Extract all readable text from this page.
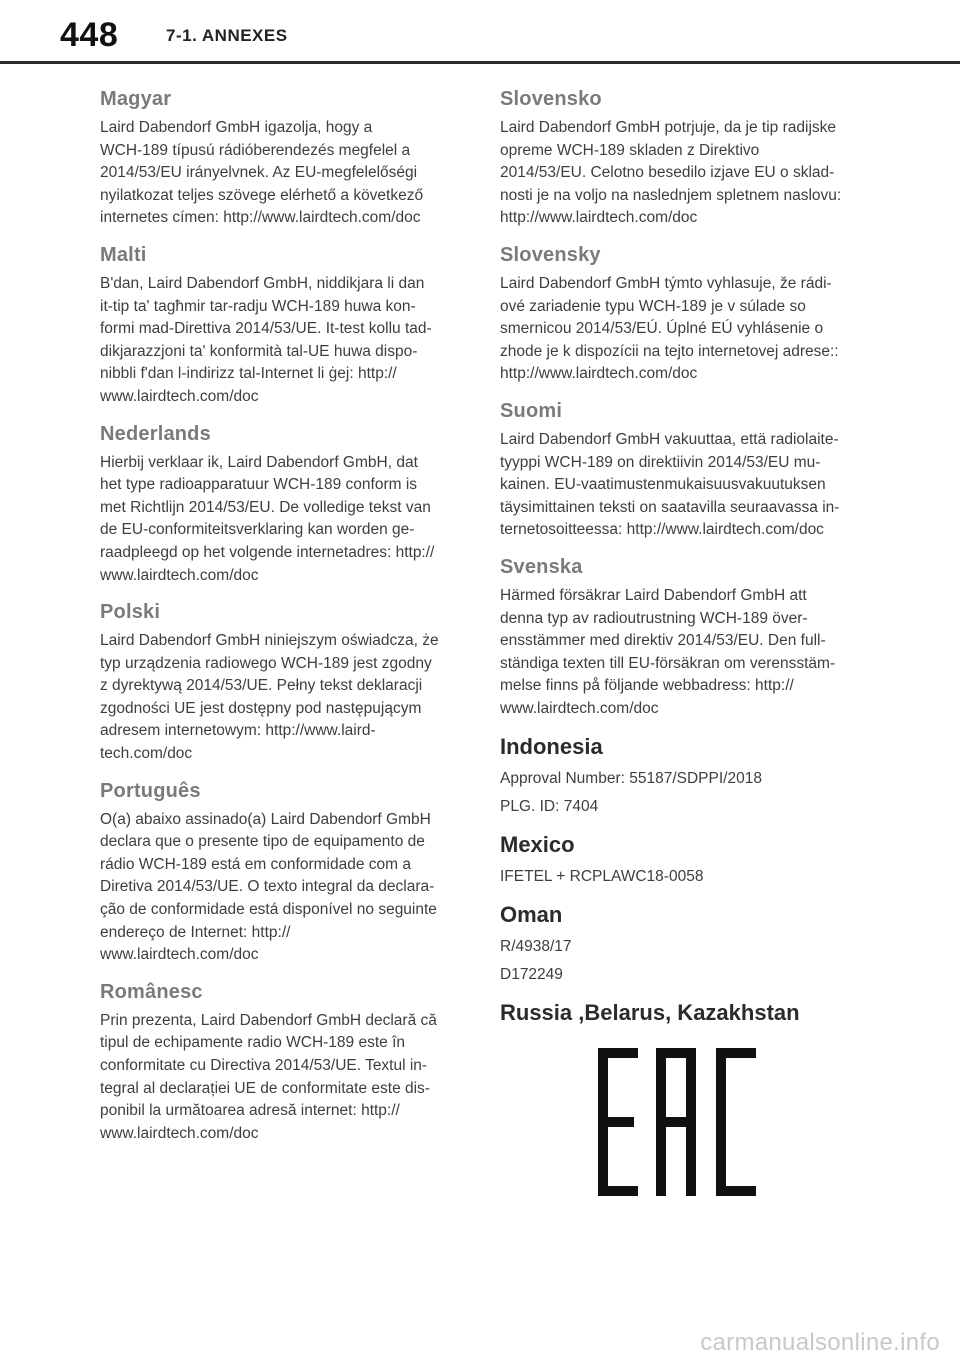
448	7-1. ANNEXES
Magyar

Laird Dabendorf GmbH igazolja, hogy a
WCH-189 típusú rádióberendezés megfelel a
2014/53/EU irányelvnek. Az EU-megfelelőségi
nyilatkozat teljes szövege elérhető a következő
internetes címen: http://www.lairdtech.com/doc

Malti

B'dan, Laird Dabendorf GmbH, niddikjara li dan
it-tip ta' tagħmir tar-radju WCH-189 huwa kon-
formi mad-Direttiva 2014/53/UE. It-test kollu tad-
dikjarazzjoni ta' konformità tal-UE huwa dispo-
nibbli f'dan l-indirizz tal-Internet li ġej: http://
www.lairdtech.com/doc

Nederlands

Hierbij verklaar ik, Laird Dabendorf GmbH, dat
het type radioapparatuur WCH-189 conform is
met Richtlijn 2014/53/EU. De volledige tekst van
de EU-conformiteitsverklaring kan worden ge-
raadpleegd op het volgende internetadres: http://
www.lairdtech.com/doc

Polski

Laird Dabendorf GmbH niniejszym oświadcza, że
typ urządzenia radiowego WCH-189 jest zgodny
z dyrektywą 2014/53/UE. Pełny tekst deklaracji
zgodności UE jest dostępny pod następującym
adresem internetowym: http://www.laird-
tech.com/doc

Português

O(a) abaixo assinado(a) Laird Dabendorf GmbH
declara que o presente tipo de equipamento de
rádio WCH-189 está em conformidade com a
Diretiva 2014/53/UE. O texto integral da declara-
ção de conformidade está disponível no seguinte
endereço de Internet: http://
www.lairdtech.com/doc

Românesc

Prin prezenta, Laird Dabendorf GmbH declară că
tipul de echipamente radio WCH-189 este în
conformitate cu Directiva 2014/53/UE. Textul in-
tegral al declarației UE de conformitate este dis-
ponibil la următoarea adresă internet: http://
www.lairdtech.com/doc

Slovensko

Laird Dabendorf GmbH potrjuje, da je tip radijske
opreme WCH-189 skladen z Direktivo
2014/53/EU. Celotno besedilo izjave EU o sklad-
nosti je na voljo na naslednjem spletnem naslovu:
http://www.lairdtech.com/doc

Slovensky

Laird Dabendorf GmbH týmto vyhlasuje, že rádi-
ové zariadenie typu WCH-189 je v súlade so
smernicou 2014/53/EÚ. Úplné EÚ vyhlásenie o
zhode je k dispozícii na tejto internetovej adrese::
http://www.lairdtech.com/doc

Suomi

Laird Dabendorf GmbH vakuuttaa, että radiolaite-
tyyppi WCH-189 on direktiivin 2014/53/EU mu-
kainen. EU-vaatimustenmukaisuusvakuutuksen
täysimittainen teksti on saatavilla seuraavassa in-
ternetosoitteessa: http://www.lairdtech.com/doc

Svenska

Härmed försäkrar Laird Dabendorf GmbH att
denna typ av radioutrustning WCH-189 över-
ensstämmer med direktiv 2014/53/EU. Den full-
ständiga texten till EU-försäkran om verensstäm-
melse finns på följande webbadress: http://
www.lairdtech.com/doc

Indonesia

Approval Number: 55187/SDPPI/2018

PLG. ID: 7404

Mexico

IFETEL + RCPLAWC18-0058

Oman

R/4938/17

D172249

Russia ,Belarus, Kazakhstan
carmanualsonline.info
